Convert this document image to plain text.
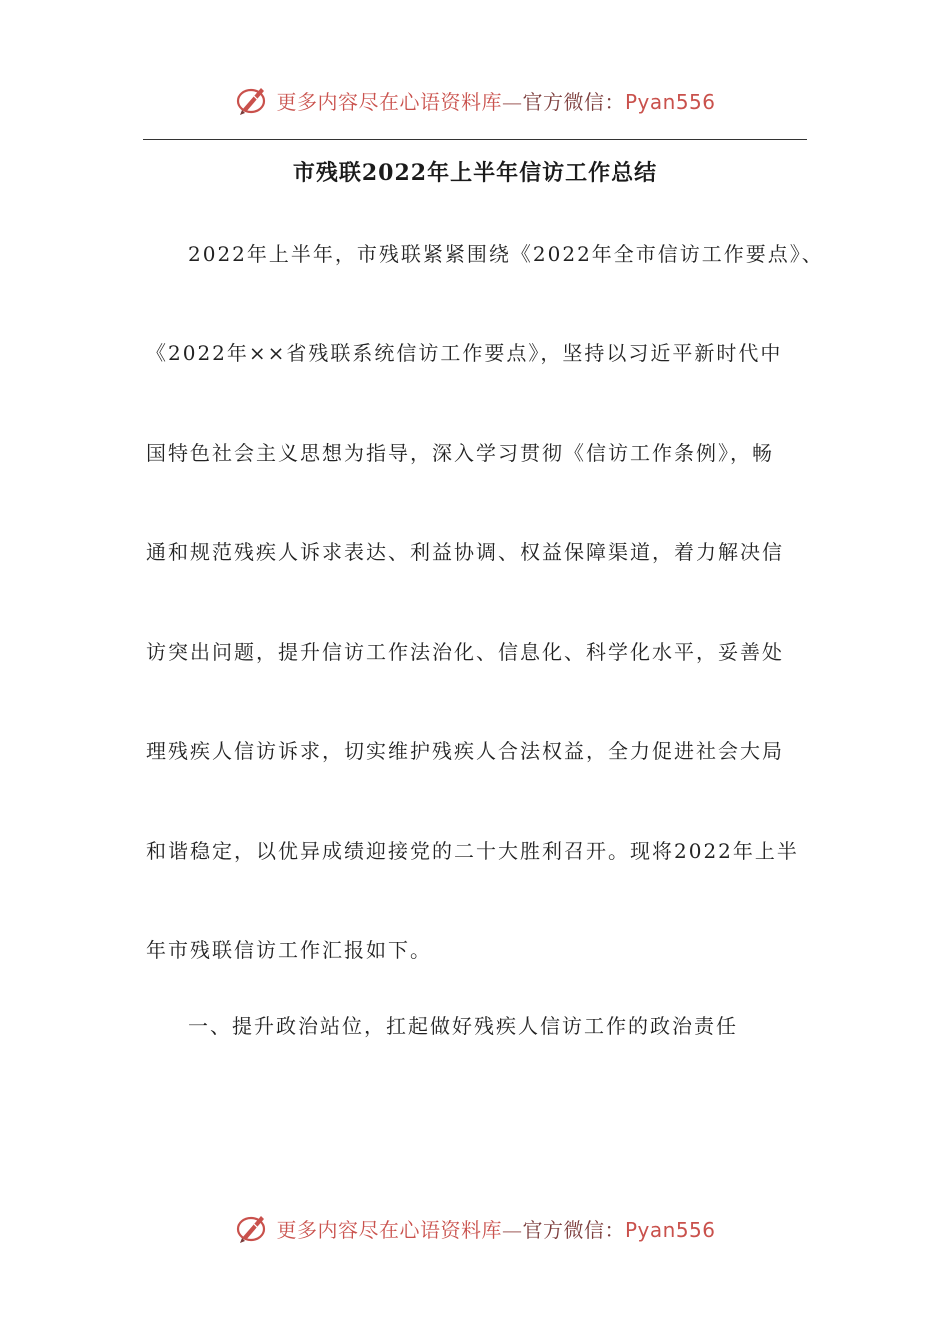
更多内容尽在心语资料库—官方微信：Pyan556
市残联2022年上半年信访工作总结
2022年上半年，市残联紧紧围绕《2022年全市信访工作要点》、
《2022年××省残联系统信访工作要点》，坚持以习近平新时代中
国特色社会主义思想为指导，深入学习贯彻《信访工作条例》，畅
通和规范残疾人诉求表达、利益协调、权益保障渠道，着力解决信
访突出问题，提升信访工作法治化、信息化、科学化水平，妥善处
理残疾人信访诉求，切实维护残疾人合法权益，全力促进社会大局
和谐稳定，以优异成绩迎接党的二十大胜利召开。现将2022年上半
年市残联信访工作汇报如下。
一、提升政治站位，扛起做好残疾人信访工作的政治责任
更多内容尽在心语资料库—官方微信：Pyan556
